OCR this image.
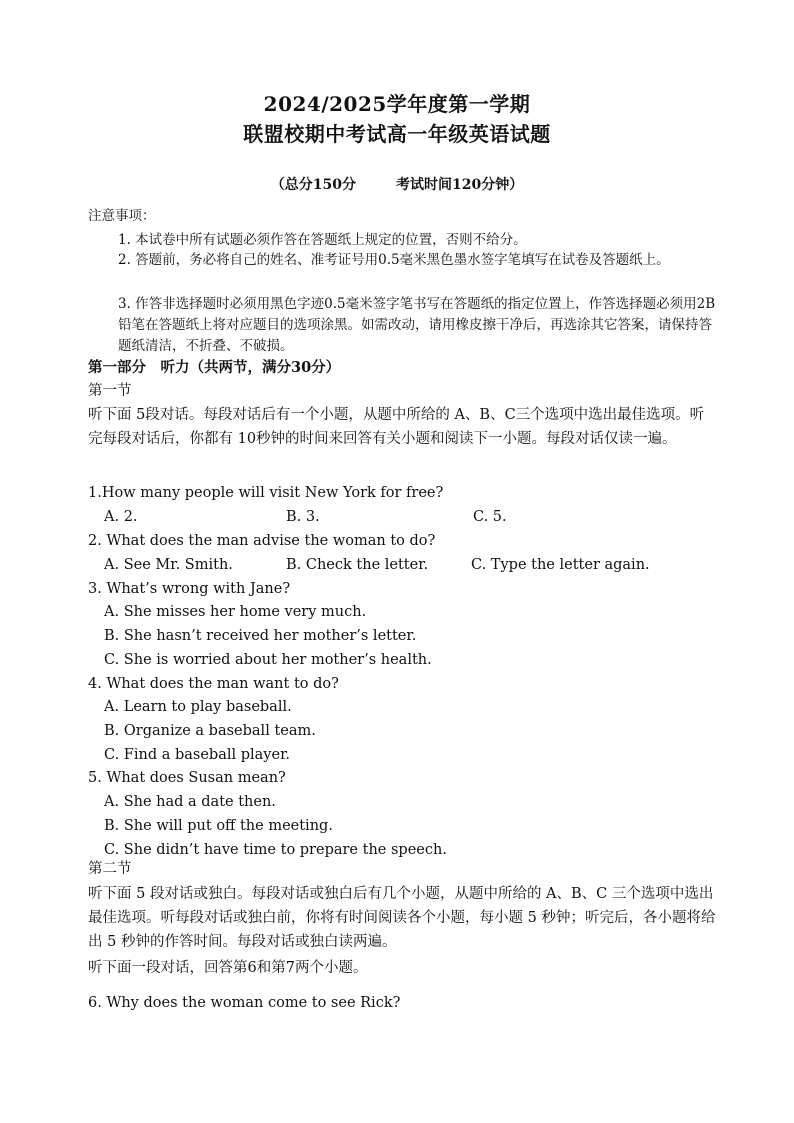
2024/2025学年度第一学期
联盟校期中考试高一年级英语试题
（总分150分	考试时间120分钟）
注意事项：
1. 本试卷中所有试题必须作答在答题纸上规定的位置，否则不给分。
2. 答题前，务必将自己的姓名、准考证号用0.5毫米黑色墨水签字笔填写在试卷及答题纸上。
3. 作答非选择题时必须用黑色字迹0.5毫米签字笔书写在答题纸的指定位置上，作答选择题必须用2B铅笔在答题纸上将对应题目的选项涂黑。如需改动，请用橡皮擦干净后，再选涂其它答案，请保持答题纸清洁，不折叠、不破损。
第一部分　听力（共两节，满分30分）
第一节
听下面 5段对话。每段对话后有一个小题，从题中所给的 A、B、C三个选项中选出最佳选项。听完每段对话后，你都有 10秒钟的时间来回答有关小题和阅读下一小题。每段对话仅读一遍。
1.How many people will visit New York for free?
A. 2.	B. 3.	C. 5.
2. What does the man advise the woman to do?
A. See Mr. Smith.	B. Check the letter.	C. Type the letter again.
3. What’s wrong with Jane?
A. She misses her home very much.
B. She hasn’t received her mother’s letter.
C. She is worried about her mother’s health.
4. What does the man want to do?
A. Learn to play baseball.
B. Organize a baseball team.
C. Find a baseball player.
5. What does Susan mean?
A. She had a date then.
B. She will put off the meeting.
C. She didn’t have time to prepare the speech.
第二节
听下面 5 段对话或独白。每段对话或独白后有几个小题，从题中所给的 A、B、C 三个选项中选出最佳选项。听每段对话或独白前，你将有时间阅读各个小题，每小题 5 秒钟；听完后，各小题将给出 5 秒钟的作答时间。每段对话或独白读两遍。
听下面一段对话，回答第6和第7两个小题。
6. Why does the woman come to see Rick?
